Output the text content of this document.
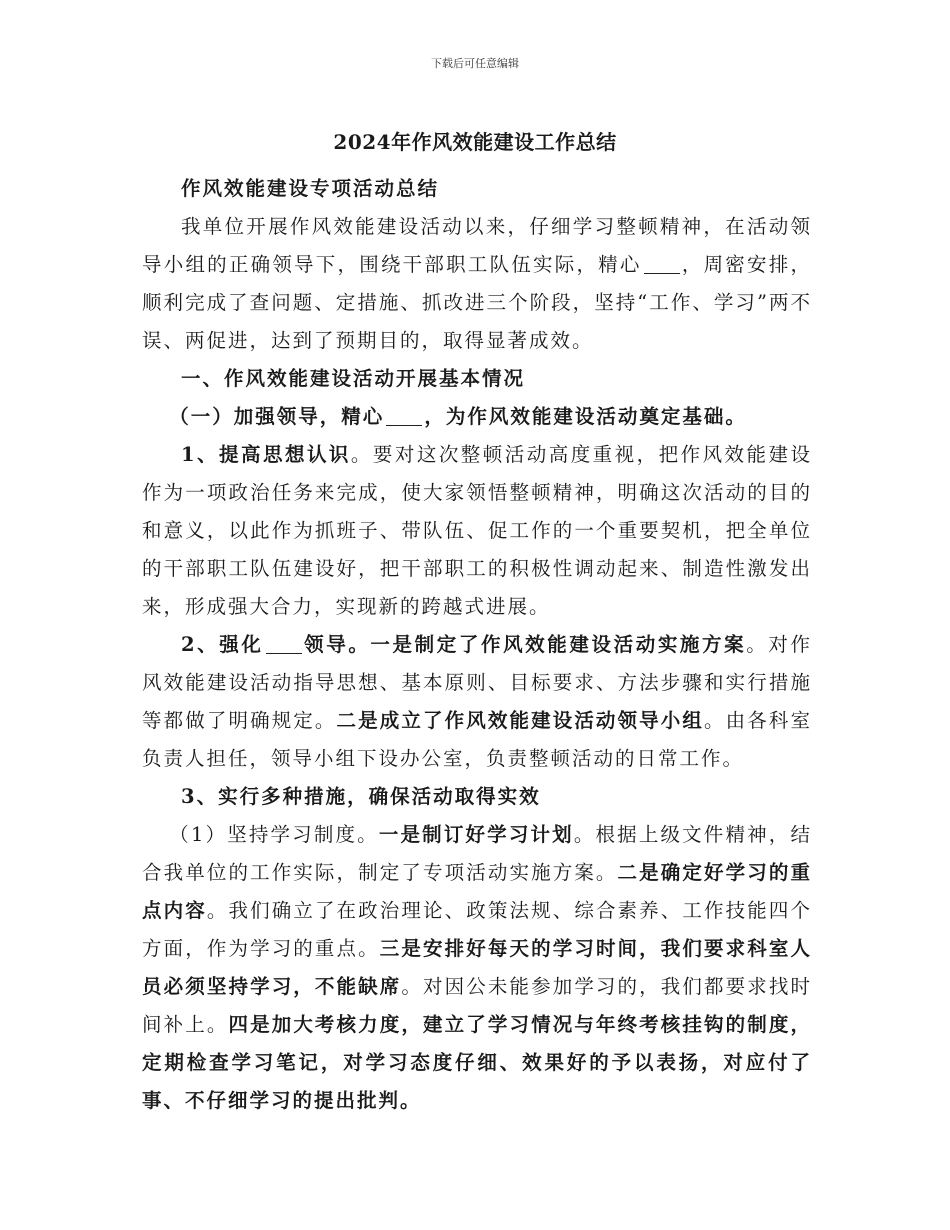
下载后可任意编辑
2024年作风效能建设工作总结

作风效能建设专项活动总结

我单位开展作风效能建设活动以来，仔细学习整顿精神，在活动领导小组的正确领导下，围绕干部职工队伍实际，精心 ，周密安排，顺利完成了查问题、定措施、抓改进三个阶段，坚持“工作、学习”两不误、两促进，达到了预期目的，取得显著成效。

一、作风效能建设活动开展基本情况

（一）加强领导，精心 ，为作风效能建设活动奠定基础。

1、提高思想认识。要对这次整顿活动高度重视，把作风效能建设作为一项政治任务来完成，使大家领悟整顿精神，明确这次活动的目的和意义，以此作为抓班子、带队伍、促工作的一个重要契机，把全单位的干部职工队伍建设好，把干部职工的积极性调动起来、制造性激发出来，形成强大合力，实现新的跨越式进展。

2、强化 领导。一是制定了作风效能建设活动实施方案。对作风效能建设活动指导思想、基本原则、目标要求、方法步骤和实行措施等都做了明确规定。二是成立了作风效能建设活动领导小组。由各科室负责人担任，领导小组下设办公室，负责整顿活动的日常工作。

3、实行多种措施，确保活动取得实效

（1）坚持学习制度。一是制订好学习计划。根据上级文件精神，结合我单位的工作实际，制定了专项活动实施方案。二是确定好学习的重点内容。我们确立了在政治理论、政策法规、综合素养、工作技能四个方面，作为学习的重点。三是安排好每天的学习时间，我们要求科室人员必须坚持学习，不能缺席。对因公未能参加学习的，我们都要求找时间补上。四是加大考核力度，建立了学习情况与年终考核挂钩的制度，定期检查学习笔记，对学习态度仔细、效果好的予以表扬，对应付了事、不仔细学习的提出批判。
